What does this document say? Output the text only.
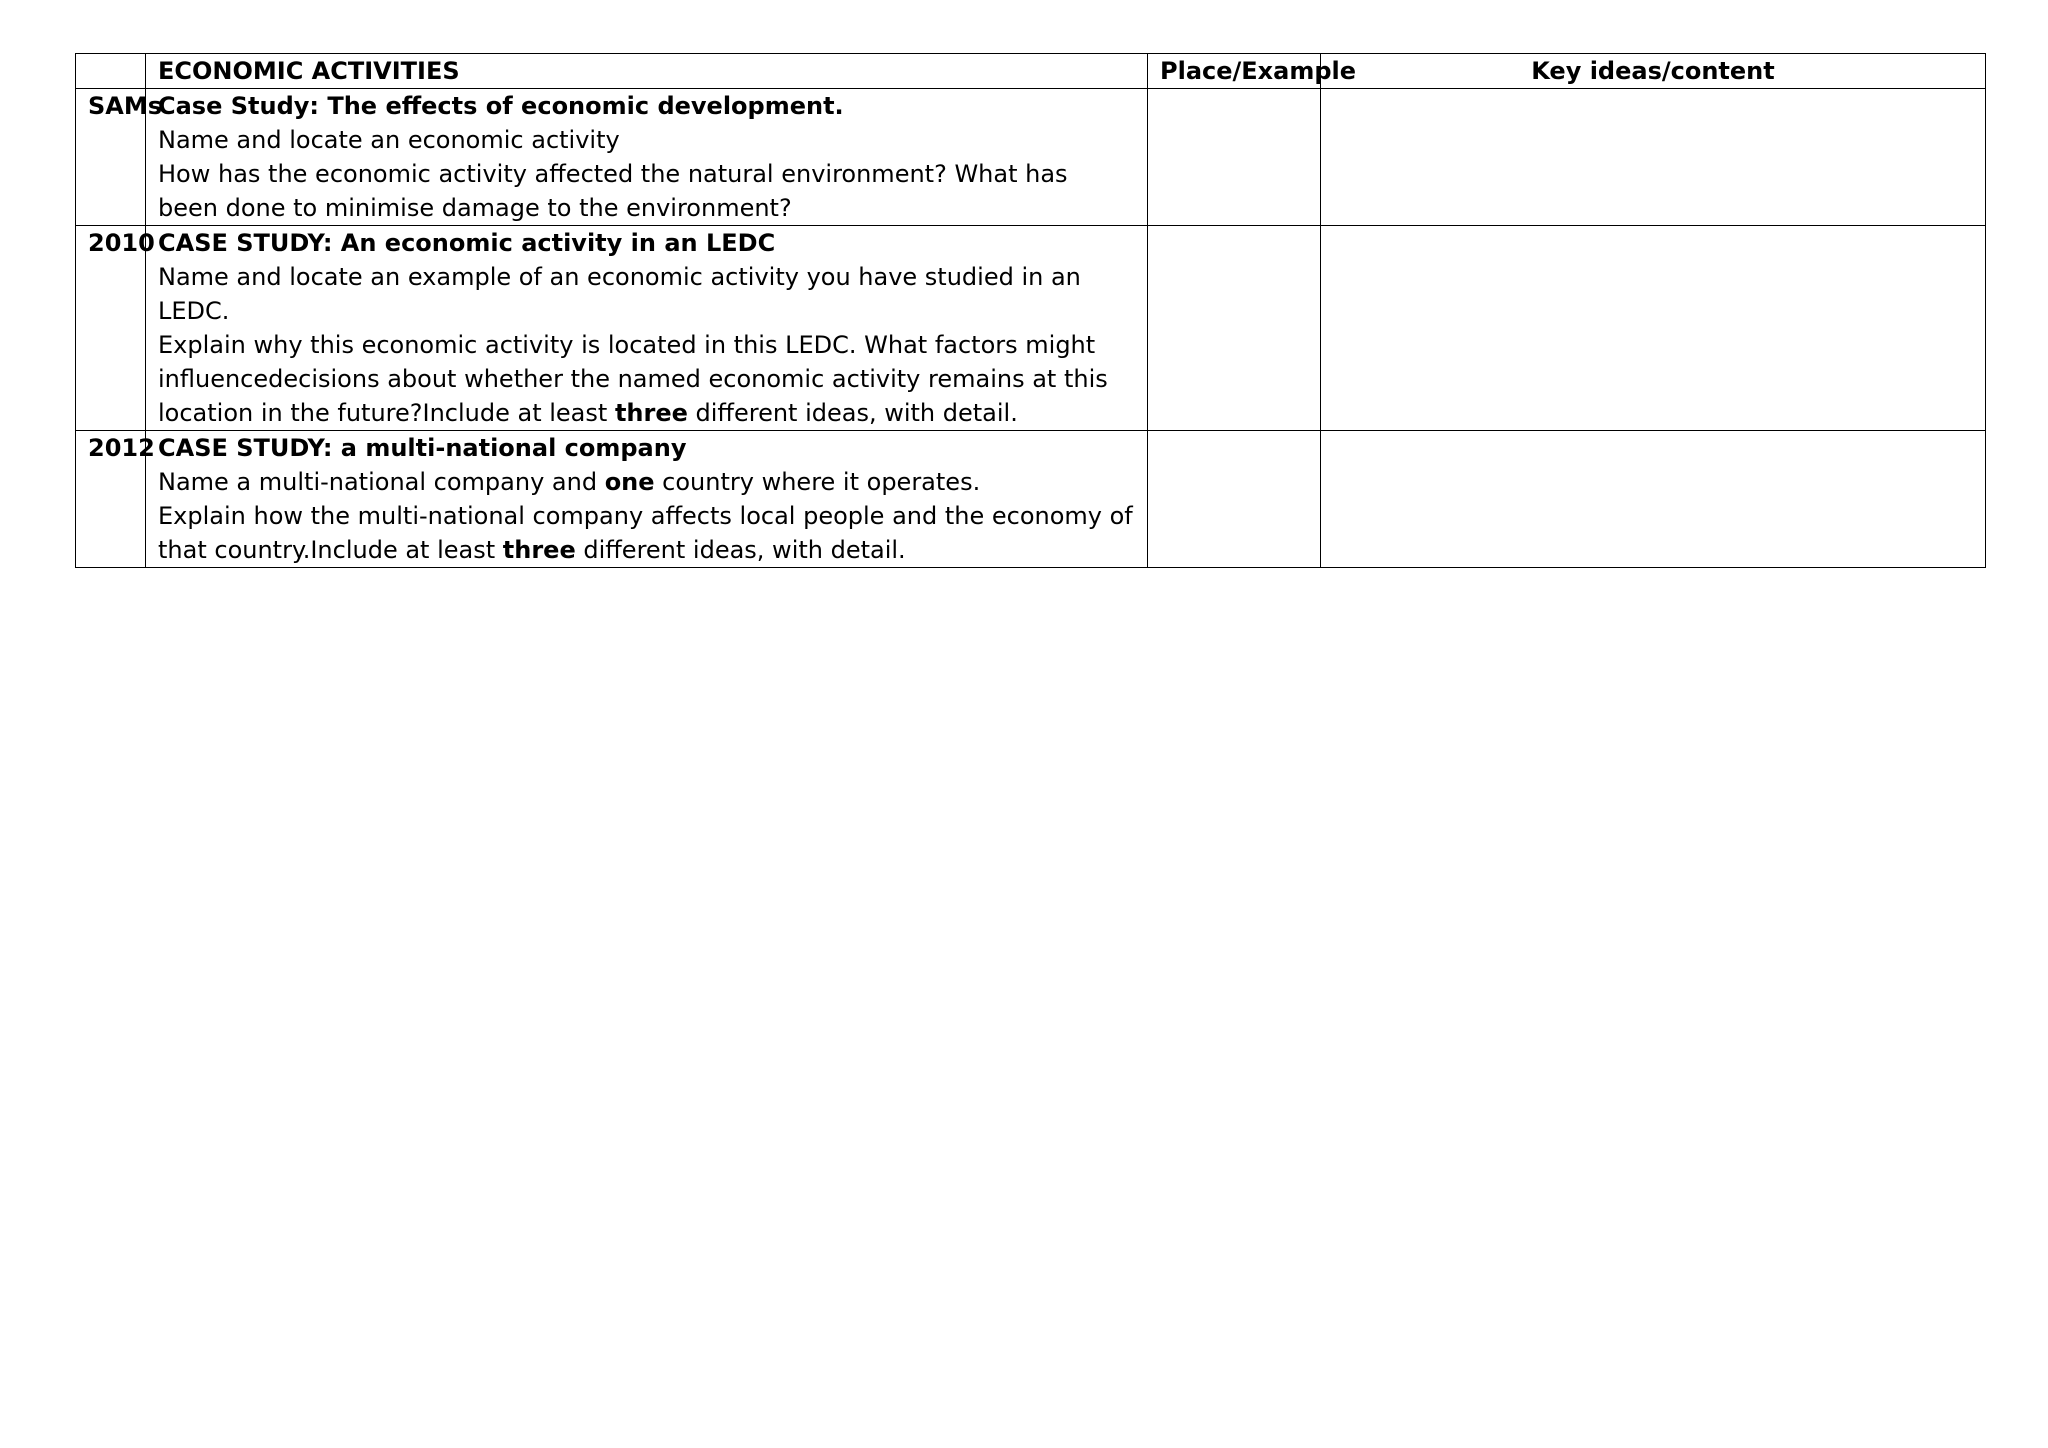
	ECONOMIC ACTIVITIES	Place/Example	Key ideas/content
SAMs	Case Study: The effects of economic development.
Name and locate an economic activity
How has the economic activity affected the natural environment? What has been done to minimise damage to the environment?		

2010	CASE STUDY: An economic activity in an LEDC
Name and locate an example of an economic activity you have studied in an LEDC.
Explain why this economic activity is located in this LEDC. What factors might influencedecisions about whether the named economic activity remains at this location in the future?Include at least three different ideas, with detail.		

2012	CASE STUDY: a multi-national company
Name a multi-national company and one country where it operates.
Explain how the multi-national company affects local people and the economy of that country.Include at least three different ideas, with detail.		
